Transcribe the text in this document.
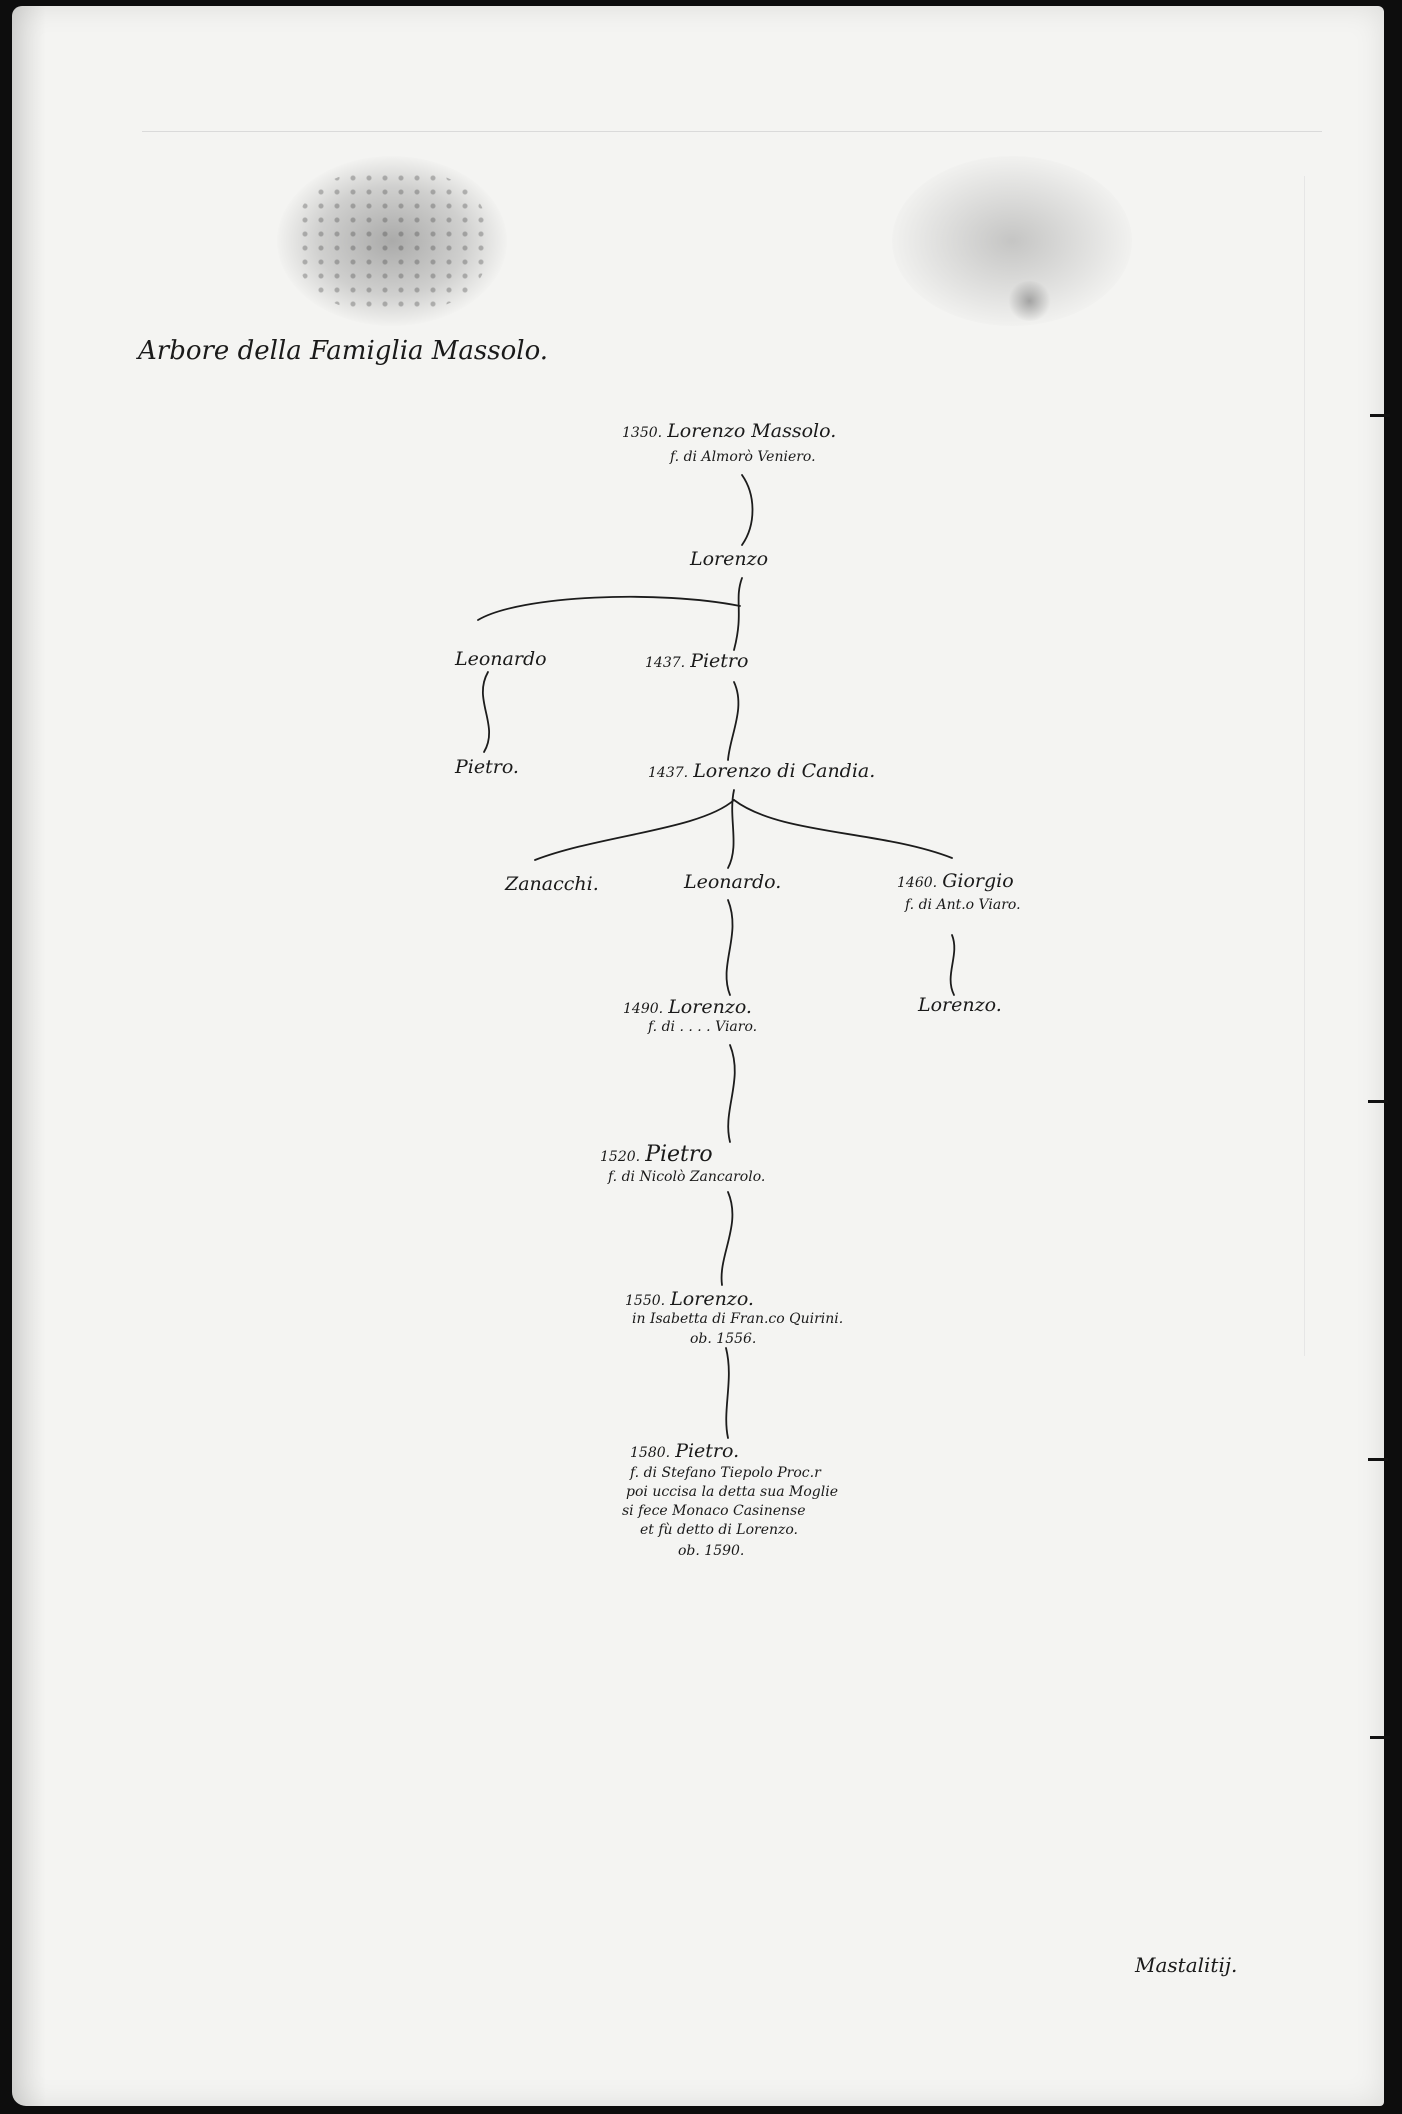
Arbore della Famiglia Massolo.
1350. Lorenzo Massolo.
f. di Almorò Veniero.
Lorenzo
Leonardo	1437. Pietro
Pietro.	1437. Lorenzo di Candia.
Zanacchi.	Leonardo.	1460. Giorgio
f. di Ant.o Viaro.
1490. Lorenzo.
f. di . . . . Viaro.
Lorenzo.
1520. Pietro
f. di Nicolò Zancarolo.
1550. Lorenzo.
in Isabetta di Fran.co Quirini.
ob. 1556.
1580. Pietro.
f. di Stefano Tiepolo Proc.r
poi uccisa la detta sua Moglie
si fece Monaco Casinense
et fù detto di Lorenzo.
ob. 1590.
Mastalitij.
